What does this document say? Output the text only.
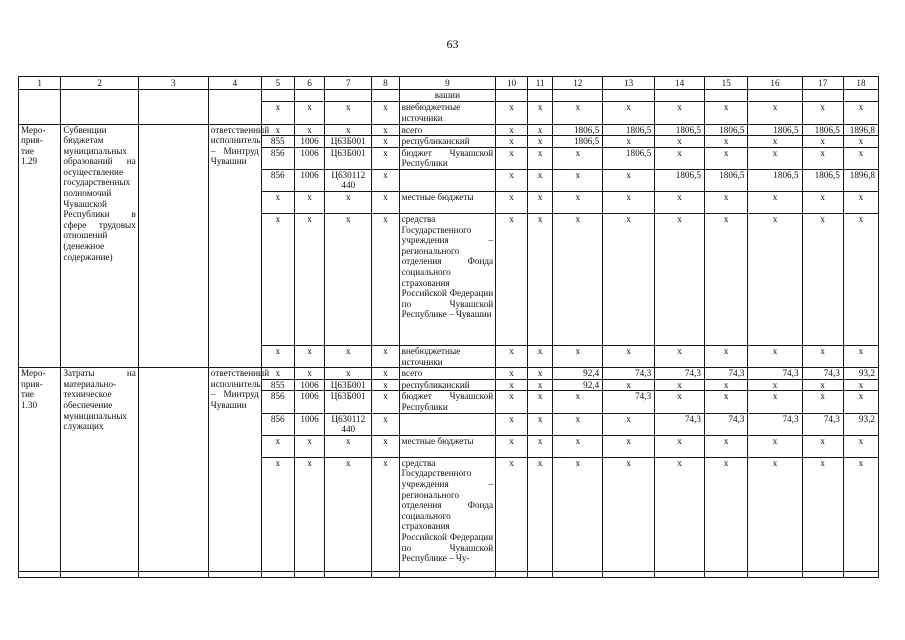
63
1	2	3	4	5	6	7	8	9	10	11	12	13	14	15	16	17	18
								вашии									
				x	x	x	x	внебюджетные источники	x	x	x	x	x	x	x	x	x
Меро-
прия-
тие
1.29	Субвенции бюджетам муниципальных образований на осуществление государственных полномочий Чувашской Республики в сфере трудовых отношений (денежное содержание)		ответственный исполнитель – Минтруд Чувашии	x	x	x	x	всего	x	x	1806,5	1806,5	1806,5	1806,5	1806,5	1806,5	1896,8
				855	1006	Ц63Б001	x	республиканский	x	x	1806,5	x	x	x	x	x	x
				856	1006	Ц63Б001	x	бюджет Чувашской Республики	x	x	x	1806,5	x	x	x	x	x
				856	1006	Ц630112 440	x		x	x	x	x	1806,5	1806,5	1806,5	1806,5	1896,8
				x	x	x	x	местные бюджеты	x	x	x	x	x	x	x	x	x
				x	x	x	x	средства Государственного учреждения – регионального отделения Фонда социального страхования Российской Федерации по Чувашской Республике – Чувашии	x	x	x	x	x	x	x	x	x
				x	x	x	x	внебюджетные источники	x	x	x	x	x	x	x	x	x
Меро-
прия-
тие
1.30	Затраты на материально-техническое обеспечение муниципальных служащих		ответственный исполнитель – Минтруд Чувашии	x	x	x	x	всего	x	x	92,4	74,3	74,3	74,3	74,3	74,3	93,2
				855	1006	Ц63Б001	x	республиканский	x	x	92,4	x	x	x	x	x	x
				856	1006	Ц63Б001	x	бюджет Чувашской Республики	x	x	x	74,3	x	x	x	x	x
				856	1006	Ц630112 440	x		x	x	x	x	74,3	74,3	74,3	74,3	93,2
				x	x	x	x	местные бюджеты	x	x	x	x	x	x	x	x	x
				x	x	x	x	средства Государственного учреждения – регионального отделения Фонда социального страхования Российской Федерации по Чувашской Республике – Чу-	x	x	x	x	x	x	x	x	x
